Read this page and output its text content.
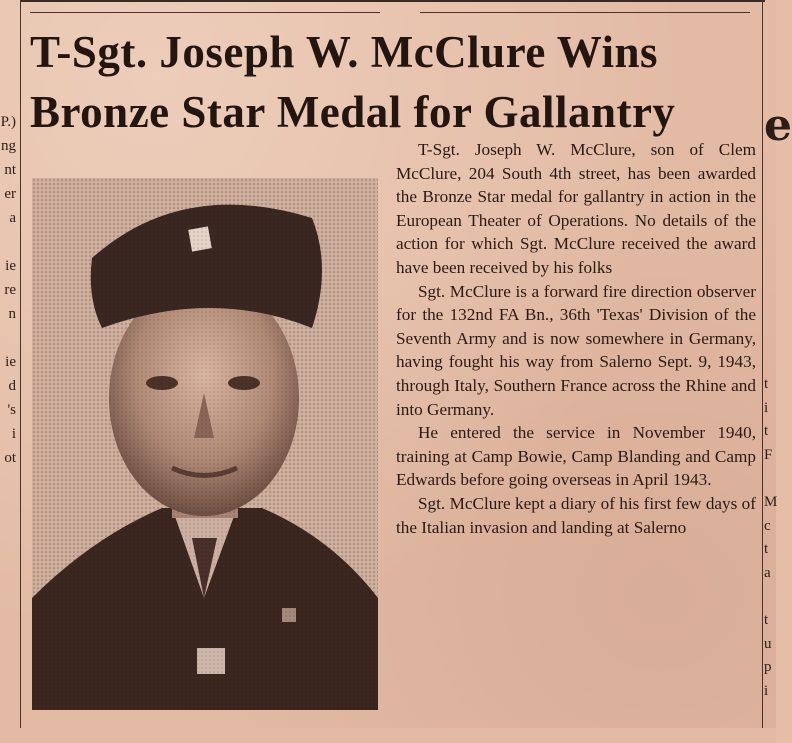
P.)
ng
nt
er
a

ie
re
n

ie
d
's
i
ot
e

t
i
t
F

M
c
t
a

t
u
p
i
T-Sgt. Joseph W. McClure Wins
Bronze Star Medal for Gallantry

T-Sgt. Joseph W. McClure, son of Clem McClure, 204 South 4th street, has been awarded the Bronze Star medal for gallantry in action in the European Theater of Operations. No details of the action for which Sgt. McClure received the award have been received by his folks

Sgt. McClure is a forward fire direction observer for the 132nd FA Bn., 36th 'Texas' Division of the Seventh Army and is now somewhere in Germany, having fought his way from Salerno Sept. 9, 1943, through Italy, Southern France across the Rhine and into Germany.

He entered the service in November 1940, training at Camp Bowie, Camp Blanding and Camp Edwards before going overseas in April 1943.

Sgt. McClure kept a diary of his first few days of the Italian invasion and landing at Salerno
